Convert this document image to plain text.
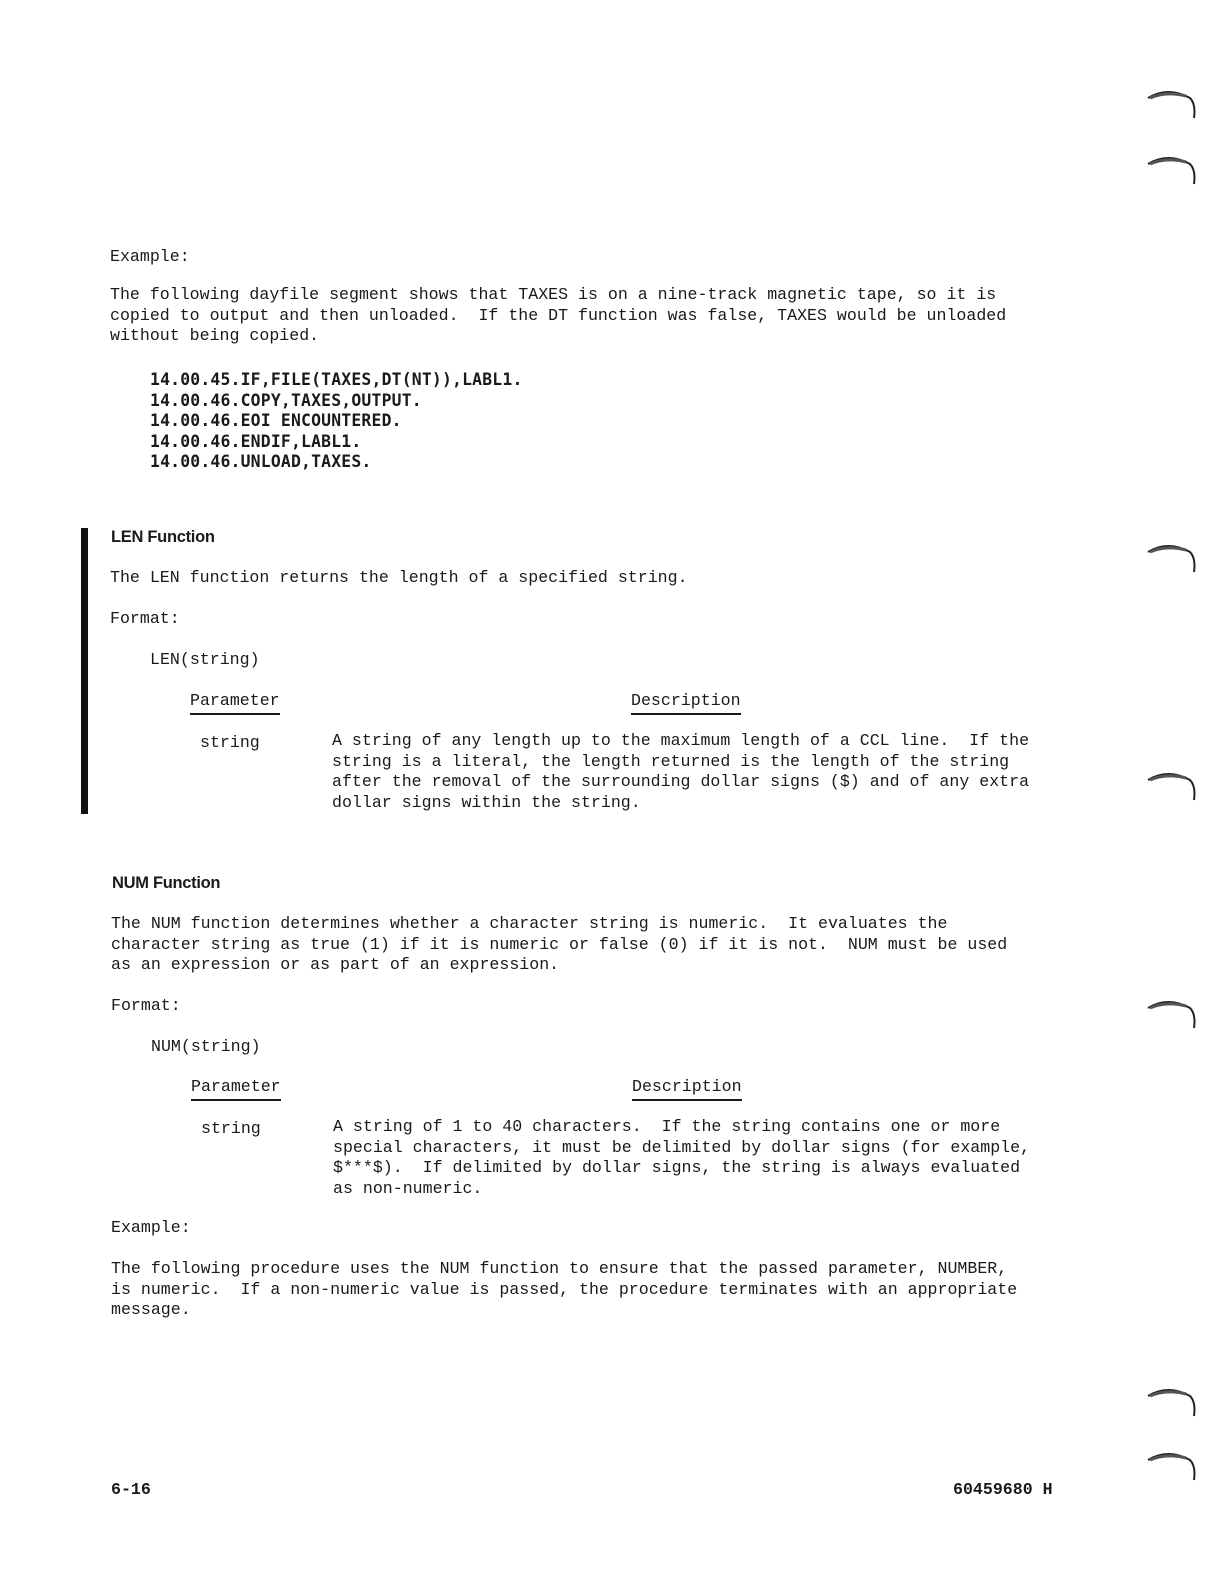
Example:
The following dayfile segment shows that TAXES is on a nine-track magnetic tape, so it is
copied to output and then unloaded.  If the DT function was false, TAXES would be unloaded
without being copied.
14.00.45.IF,FILE(TAXES,DT(NT)),LABL1.
14.00.46.COPY,TAXES,OUTPUT.
14.00.46.EOI ENCOUNTERED.
14.00.46.ENDIF,LABL1.
14.00.46.UNLOAD,TAXES.
LEN Function
The LEN function returns the length of a specified string.
Format:
LEN(string)
Parameter	Description
string	A string of any length up to the maximum length of a CCL line.  If the
string is a literal, the length returned is the length of the string
after the removal of the surrounding dollar signs ($) and of any extra
dollar signs within the string.
NUM Function
The NUM function determines whether a character string is numeric.  It evaluates the
character string as true (1) if it is numeric or false (0) if it is not.  NUM must be used
as an expression or as part of an expression.
Format:
NUM(string)
Parameter	Description
string	A string of 1 to 40 characters.  If the string contains one or more
special characters, it must be delimited by dollar signs (for example,
$***$).  If delimited by dollar signs, the string is always evaluated
as non-numeric.
Example:
The following procedure uses the NUM function to ensure that the passed parameter, NUMBER,
is numeric.  If a non-numeric value is passed, the procedure terminates with an appropriate
message.
6-16	60459680 H
